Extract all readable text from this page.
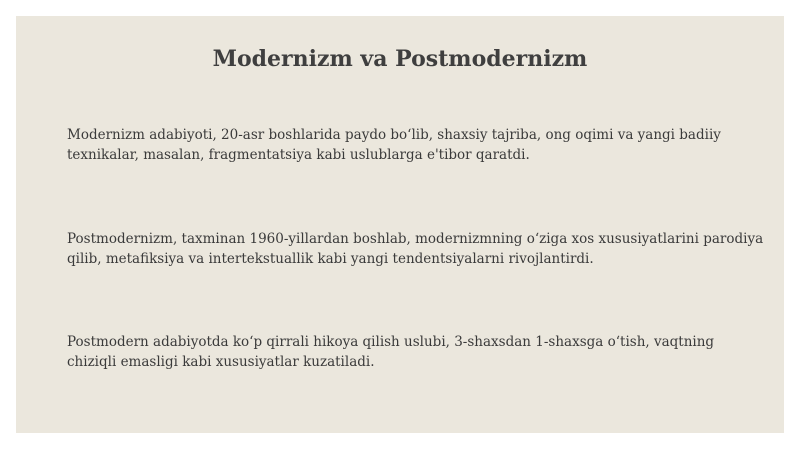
Modernizm va Postmodernizm

Modernizm adabiyoti, 20-asr boshlarida paydo boʻlib, shaxsiy tajriba, ong oqimi va yangi badiiy texnikalar, masalan, fragmentatsiya kabi uslublarga e'tibor qaratdi.

Postmodernizm, taxminan 1960-yillardan boshlab, modernizmning oʻziga xos xususiyatlarini parodiya qilib, metafiksiya va intertekstuallik kabi yangi tendentsiyalarni rivojlantirdi.

Postmodern adabiyotda koʻp qirrali hikoya qilish uslubi, 3-shaxsdan 1-shaxsga oʻtish, vaqtning chiziqli emasligi kabi xususiyatlar kuzatiladi.
